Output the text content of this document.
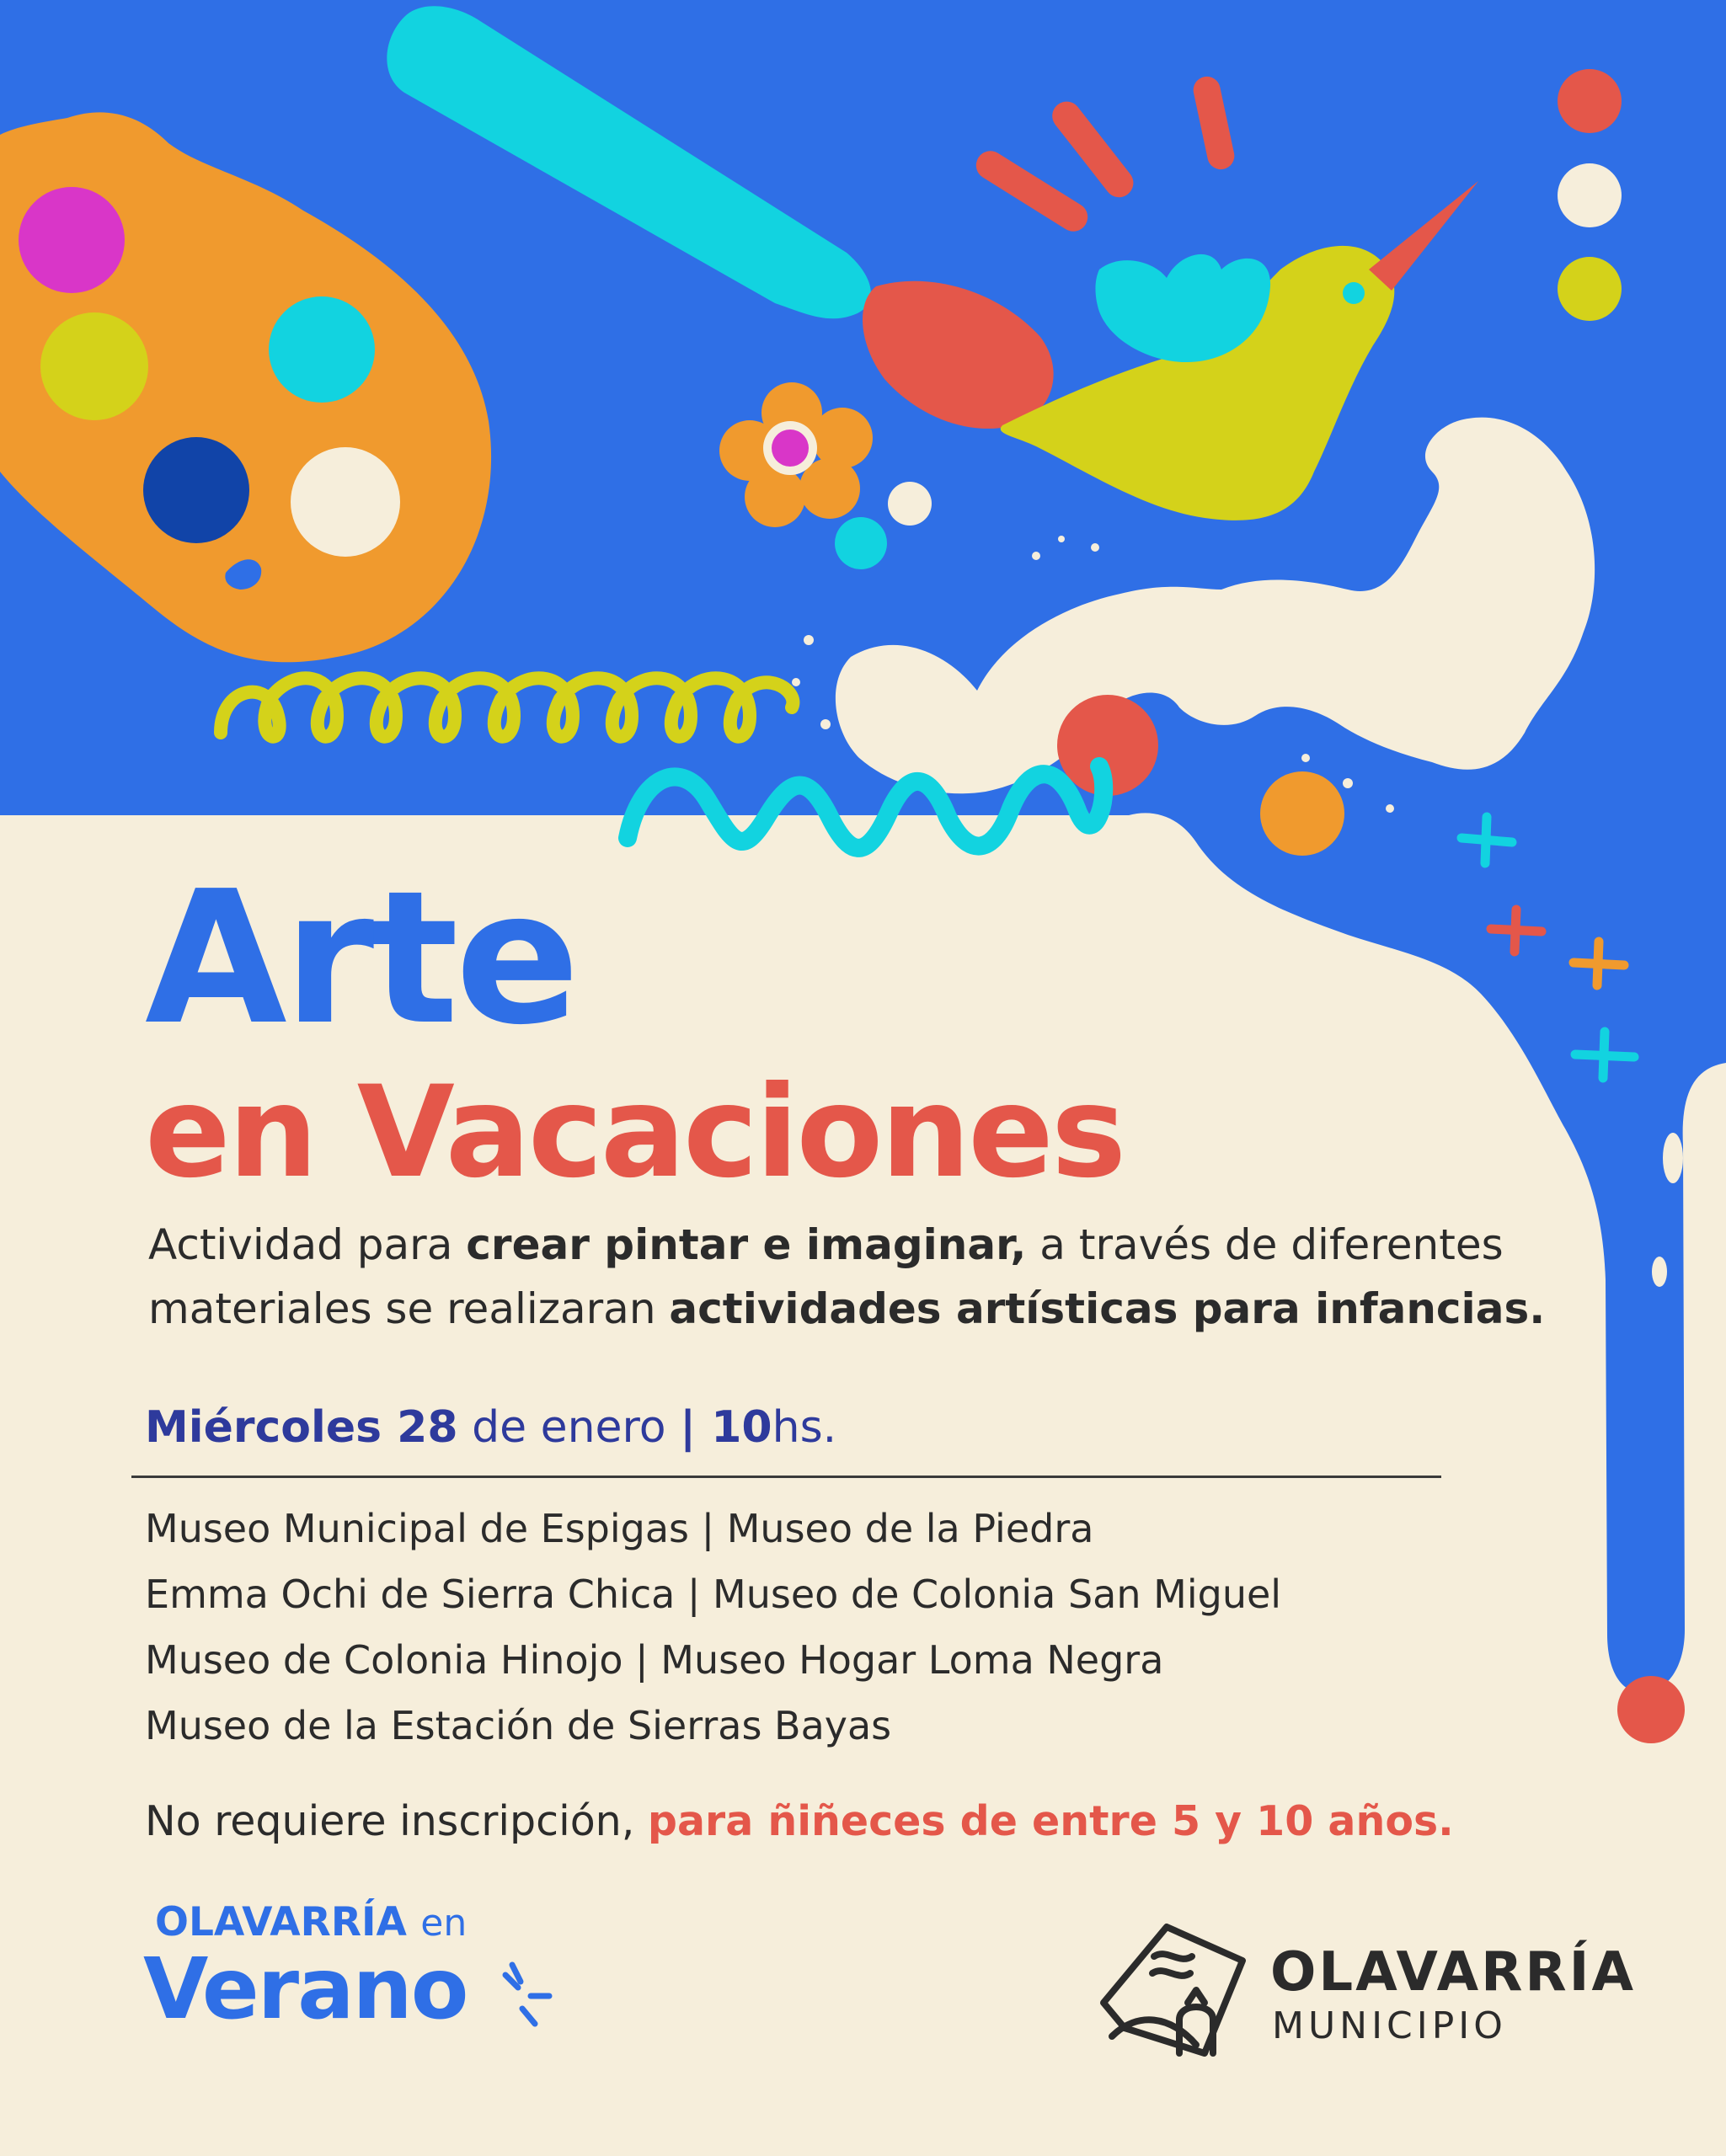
Arte
en Vacaciones

Actividad para crear pintar e imaginar, a través de diferentes materiales se realizaran actividades artísticas para infancias.

Miércoles 28 de enero | 10hs.

Museo Municipal de Espigas | Museo de la Piedra
Emma Ochi de Sierra Chica | Museo de Colonia San Miguel
Museo de Colonia Hinojo | Museo Hogar Loma Negra
Museo de la Estación de Sierras Bayas

No requiere inscripción, para ñiñeces de entre 5 y 10 años.

OLAVARRÍA en
Verano	OLAVARRÍA
MUNICIPIO
